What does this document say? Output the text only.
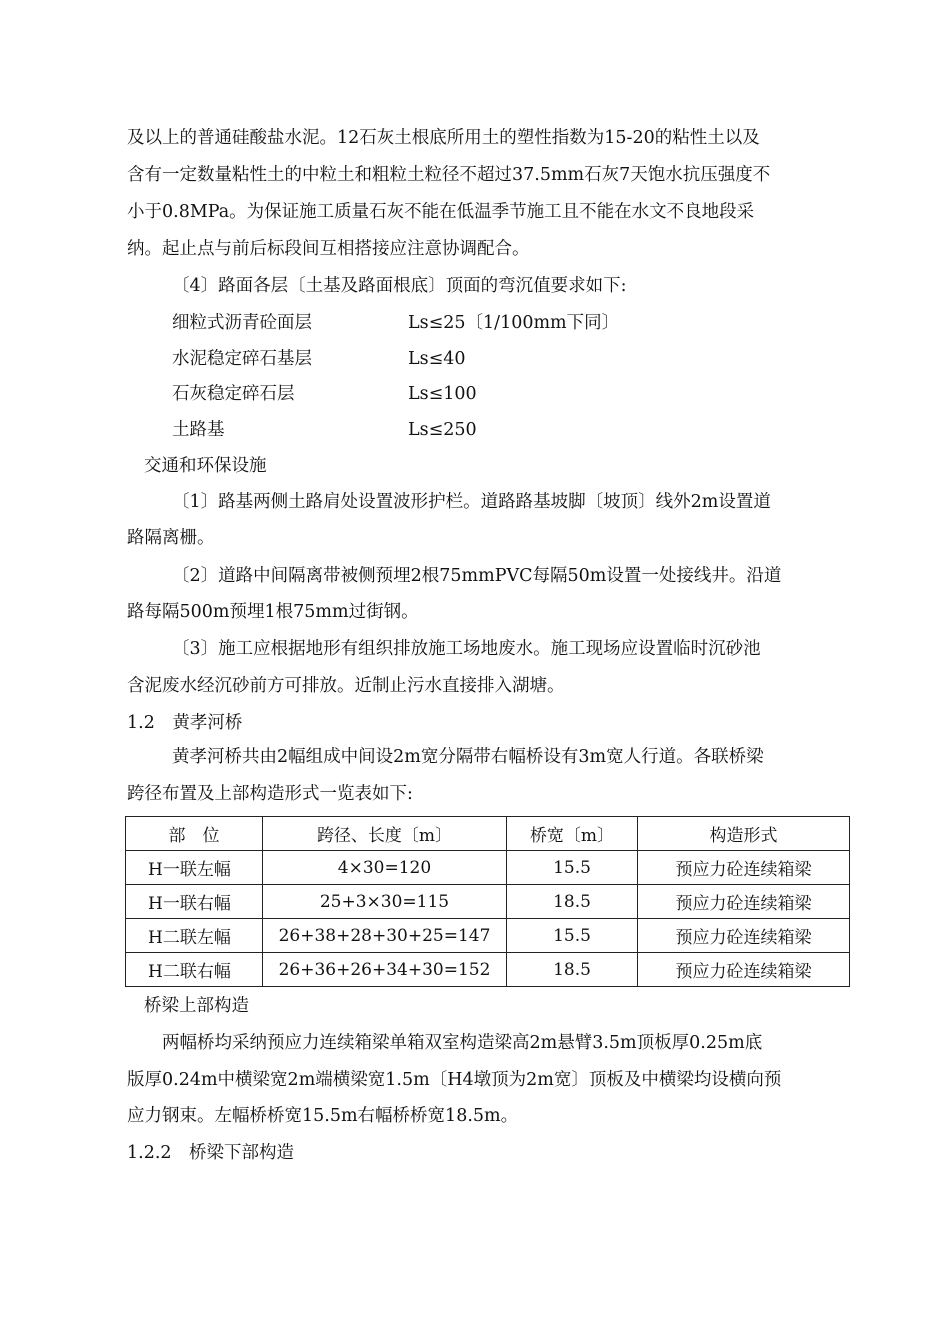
及以上的普通硅酸盐水泥。12石灰土根底所用土的塑性指数为15-20的粘性土以及
含有一定数量粘性土的中粒土和粗粒土粒径不超过37.5mm石灰7天饱水抗压强度不
小于0.8MPa。为保证施工质量石灰不能在低温季节施工且不能在水文不良地段采
纳。起止点与前后标段间互相搭接应注意协调配合。
〔4〕路面各层〔土基及路面根底〕顶面的弯沉值要求如下:
细粒式沥青砼面层	Ls≤25〔1/100mm下同〕
水泥稳定碎石基层	Ls≤40
石灰稳定碎石层	Ls≤100
土路基	Ls≤250
交通和环保设施
〔1〕路基两侧土路肩处设置波形护栏。道路路基坡脚〔坡顶〕线外2m设置道
路隔离栅。
〔2〕道路中间隔离带被侧预埋2根75mmPVC每隔50m设置一处接线井。沿道
路每隔500m预埋1根75mm过街钢。
〔3〕施工应根据地形有组织排放施工场地废水。施工现场应设置临时沉砂池
含泥废水经沉砂前方可排放。近制止污水直接排入湖塘。
1.2　黄孝河桥
黄孝河桥共由2幅组成中间设2m宽分隔带右幅桥设有3m宽人行道。各联桥梁
跨径布置及上部构造形式一览表如下:
部　位	跨径、长度〔m〕	桥宽〔m〕	构造形式
H一联左幅	4×30=120	15.5	预应力砼连续箱梁
H一联右幅	25+3×30=115	18.5	预应力砼连续箱梁
H二联左幅	26+38+28+30+25=147	15.5	预应力砼连续箱梁
H二联右幅	26+36+26+34+30=152	18.5	预应力砼连续箱梁
桥梁上部构造
两幅桥均采纳预应力连续箱梁单箱双室构造梁高2m悬臂3.5m顶板厚0.25m底
版厚0.24m中横梁宽2m端横梁宽1.5m〔H4墩顶为2m宽〕顶板及中横梁均设横向预
应力钢束。左幅桥桥宽15.5m右幅桥桥宽18.5m。
1.2.2　桥梁下部构造
